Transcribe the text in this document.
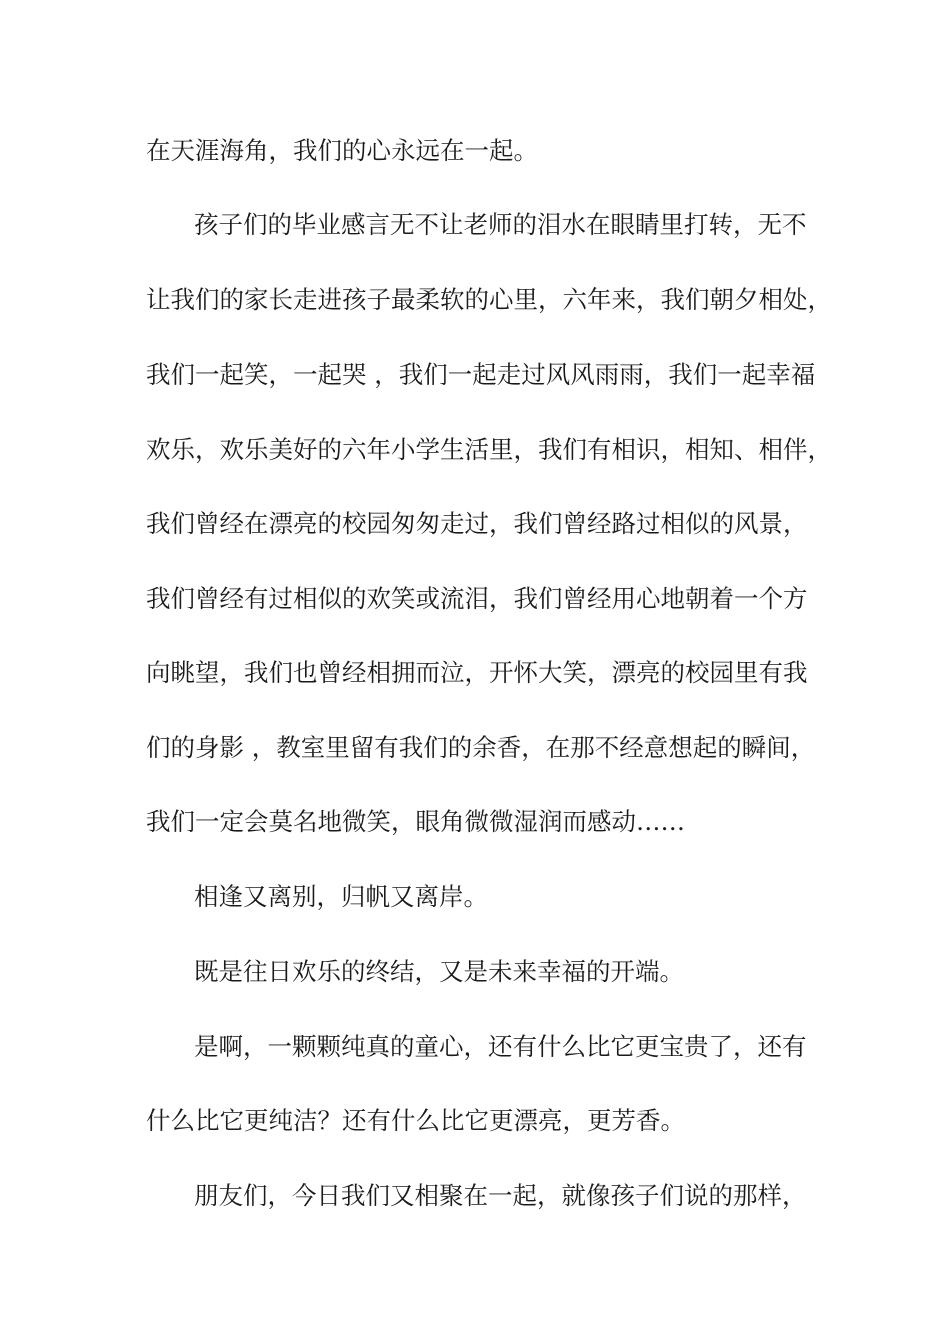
在天涯海角，我们的心永远在一起。
孩子们的毕业感言无不让老师的泪水在眼睛里打转，无不
让我们的家长走进孩子最柔软的心里，六年来，我们朝夕相处，
我们一起笑，一起哭 ，我们一起走过风风雨雨，我们一起幸福
欢乐，欢乐美好的六年小学生活里，我们有相识，相知、相伴，
我们曾经在漂亮的校园匆匆走过，我们曾经路过相似的风景，
我们曾经有过相似的欢笑或流泪，我们曾经用心地朝着一个方
向眺望，我们也曾经相拥而泣，开怀大笑，漂亮的校园里有我
们的身影 ，教室里留有我们的余香，在那不经意想起的瞬间，
我们一定会莫名地微笑，眼角微微湿润而感动……
相逢又离别，归帆又离岸。
既是往日欢乐的终结，又是未来幸福的开端。
是啊，一颗颗纯真的童心，还有什么比它更宝贵了，还有
什么比它更纯洁？还有什么比它更漂亮，更芳香。
朋友们，今日我们又相聚在一起，就像孩子们说的那样，
